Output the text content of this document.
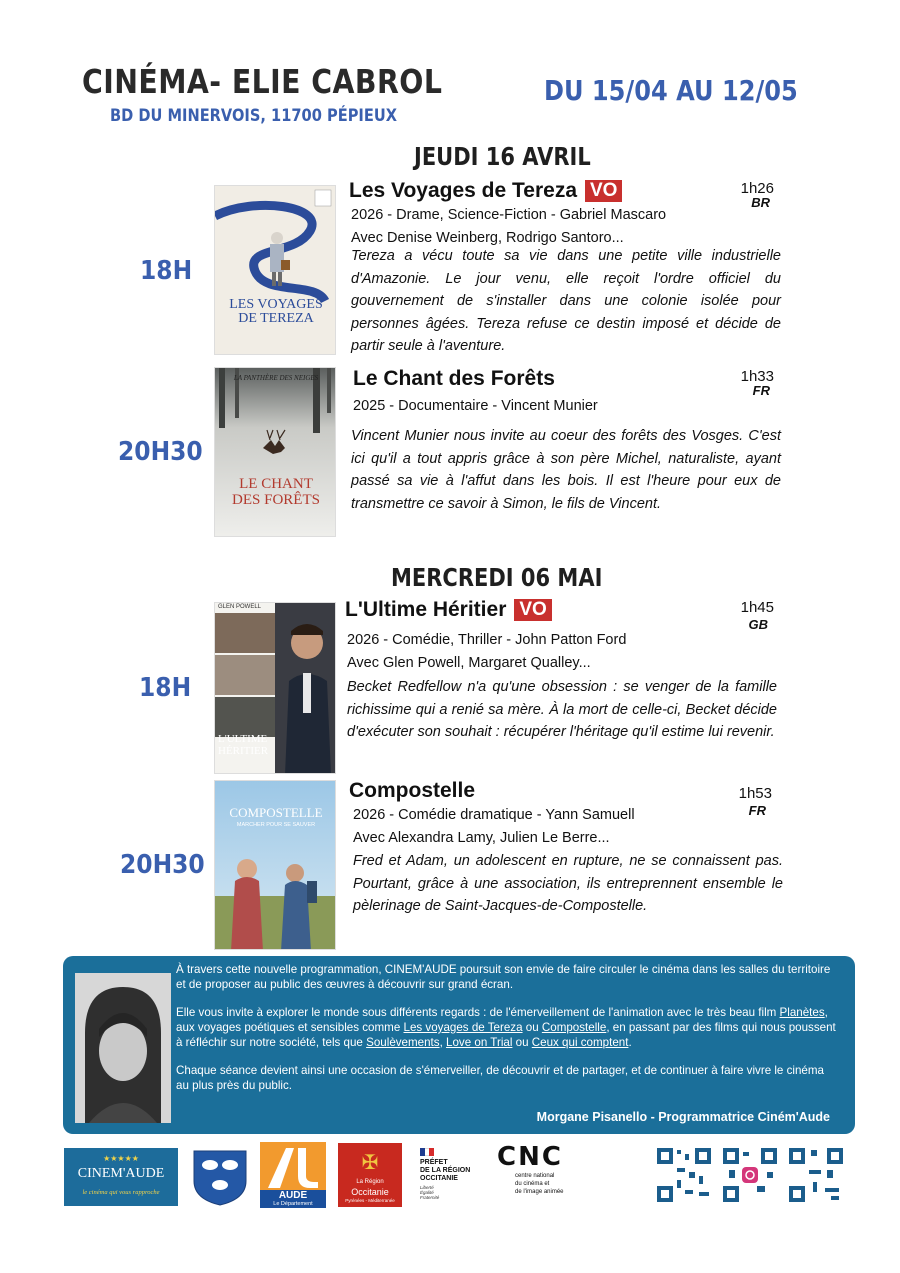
CINÉMA- ELIE CABROL
BD DU MINERVOIS, 11700 PÉPIEUX
DU 15/04 AU 12/05
JEUDI 16 AVRIL
18H
LES VOYAGES
DE TEREZA
Les Voyages de Tereza VO	1h26
BR
2026 - Drame, Science-Fiction - Gabriel Mascaro
Avec Denise Weinberg, Rodrigo Santoro...
Tereza a vécu toute sa vie dans une petite ville industrielle d'Amazonie. Le jour venu, elle reçoit l'ordre officiel du gouvernement de s'installer dans une colonie isolée pour personnes âgées. Tereza refuse ce destin imposé et décide de partir seule à l'aventure.
20H30
LA PANTHÈRE DES NEIGES
LE CHANT
DES FORÊTS
Le Chant des Forêts	1h33
FR
2025 - Documentaire - Vincent Munier
Vincent Munier nous invite au coeur des forêts des Vosges. C'est ici qu'il a tout appris grâce à son père Michel, naturaliste, ayant passé sa vie à l'affut dans les bois. Il est l'heure pour eux de transmettre ce savoir à Simon, le fils de Vincent.
MERCREDI 06 MAI
18H
GLEN POWELL
L'ULTIME
HÉRITIER
L'Ultime Héritier VO	1h45
GB
2026 - Comédie, Thriller - John Patton Ford
Avec Glen Powell, Margaret Qualley...
Becket Redfellow n'a qu'une obsession : se venger de la famille richissime qui a renié sa mère. À la mort de celle-ci, Becket décide d'exécuter son souhait : récupérer l'héritage qu'il estime lui revenir.
20H30
COMPOSTELLE
MARCHER POUR SE SAUVER
Compostelle	1h53
FR
2026 - Comédie dramatique - Yann Samuell
Avec Alexandra Lamy, Julien Le Berre...
Fred et Adam, un adolescent en rupture, ne se connaissent pas. Pourtant, grâce à une association, ils entreprennent ensemble le pèlerinage de Saint-Jacques-de-Compostelle.
À travers cette nouvelle programmation, CINEM'AUDE poursuit son envie de faire circuler le cinéma dans les salles du territoire et de proposer au public des œuvres à découvrir sur grand écran.
Elle vous invite à explorer le monde sous différents regards : de l'émerveillement de l'animation avec le très beau film Planètes, aux voyages poétiques et sensibles comme Les voyages de Tereza ou Compostelle, en passant par des films qui nous poussent à réfléchir sur notre société, tels que Soulèvements, Love on Trial ou Ceux qui comptent.
Chaque séance devient ainsi une occasion de s'émerveiller, de découvrir et de partager, et de continuer à faire vivre le cinéma au plus près du public.
Morgane Pisanello - Programmatrice Ciném'Aude
★★★★★
CINEM'AUDE
le cinéma qui vous rapproche	AUDE
Le Département
✠
La Région
Occitanie
Pyrénées - Méditerranée
PRÉFET
DE LA RÉGION
OCCITANIE
Liberté
Égalité
Fraternité
CNC
centre national
du cinéma et
de l'image animée
